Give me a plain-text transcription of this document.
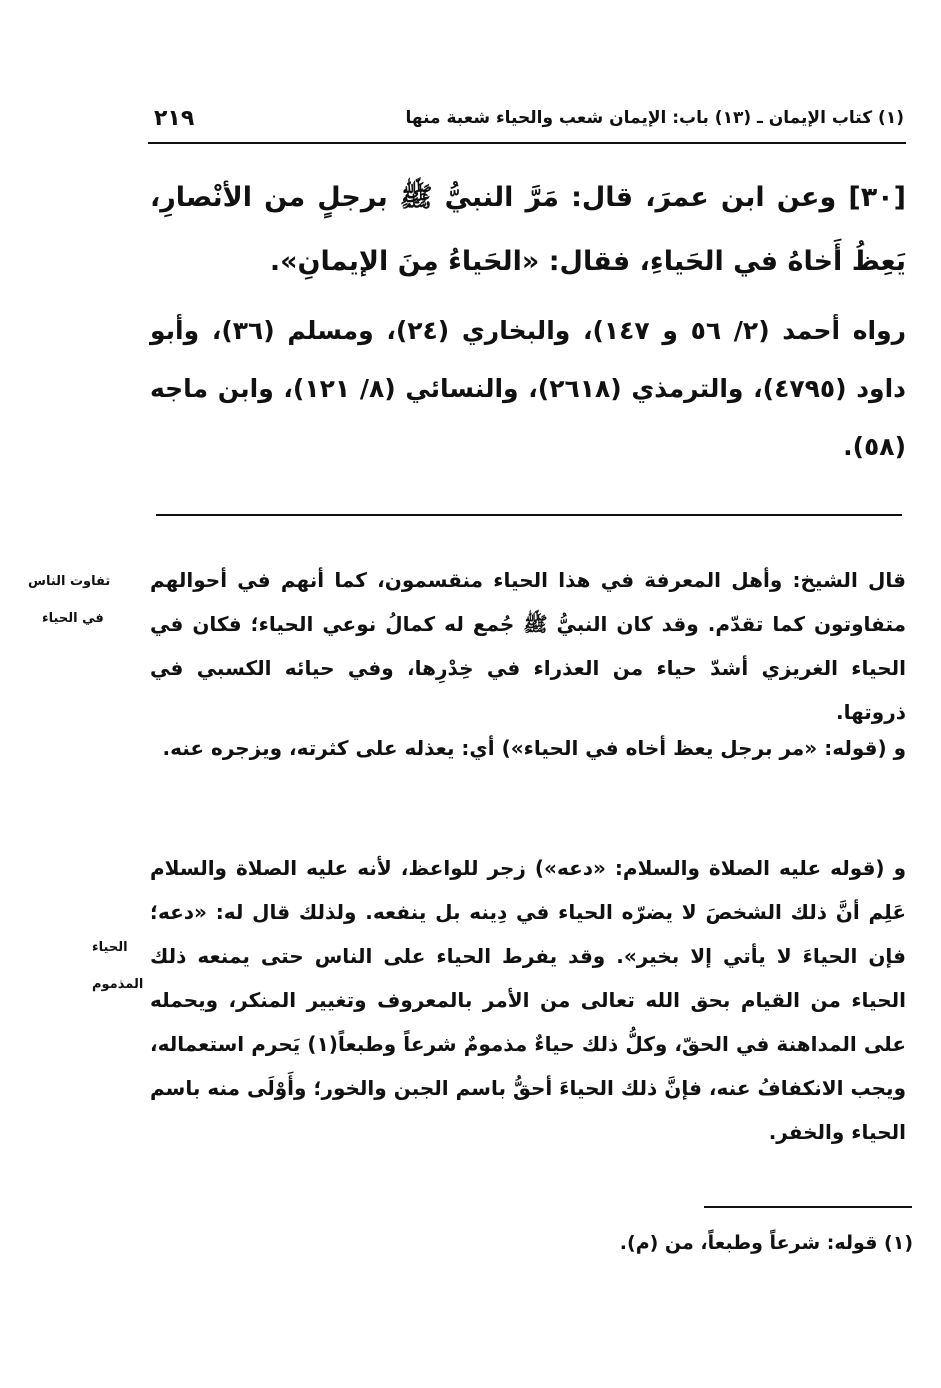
(١) كتاب الإيمان ـ (١٣) باب: الإيمان شعب والحياء شعبة منها
٢١٩
[٣٠] وعن ابن عمرَ، قال: مَرَّ النبيُّ ﷺ برجلٍ من الأنْصارِ، يَعِظُ أَخاهُ في الحَياءِ، فقال: «الحَياءُ مِنَ الإيمانِ».
رواه أحمد (٢/ ٥٦ و ١٤٧)، والبخاري (٢٤)، ومسلم (٣٦)، وأبو داود (٤٧٩٥)، والترمذي (٢٦١٨)، والنسائي (٨/ ١٢١)، وابن ماجه (٥٨).
قال الشيخ: وأهل المعرفة في هذا الحياء منقسمون، كما أنهم في أحوالهم متفاوتون كما تقدّم. وقد كان النبيُّ ﷺ جُمع له كمالُ نوعي الحياء؛ فكان في الحياء الغريزي أشدّ حياء من العذراء في خِدْرِها، وفي حيائه الكسبي في ذروتها.
و (قوله: «مر برجل يعظ أخاه في الحياء») أي: يعذله على كثرته، ويزجره عنه.
و (قوله عليه الصلاة والسلام: «دعه») زجر للواعظ، لأنه عليه الصلاة والسلام عَلِم أنَّ ذلك الشخصَ لا يضرّه الحياء في دِينه بل ينفعه. ولذلك قال له: «دعه؛ فإن الحياءَ لا يأتي إلا بخير». وقد يفرط الحياء على الناس حتى يمنعه ذلك الحياء من القيام بحق الله تعالى من الأمر بالمعروف وتغيير المنكر، ويحمله على المداهنة في الحقّ، وكلُّ ذلك حياءٌ مذمومٌ شرعاً وطبعاً(١) يَحرم استعماله، ويجب الانكفافُ عنه، فإنَّ ذلك الحياءَ أحقُّ باسم الجبن والخور؛ وأَوْلَى منه باسم الحياء والخفر.
تفاوت الناس
في الحياء
الحياء
المذموم
(١) قوله: شرعاً وطبعاً، من (م).
